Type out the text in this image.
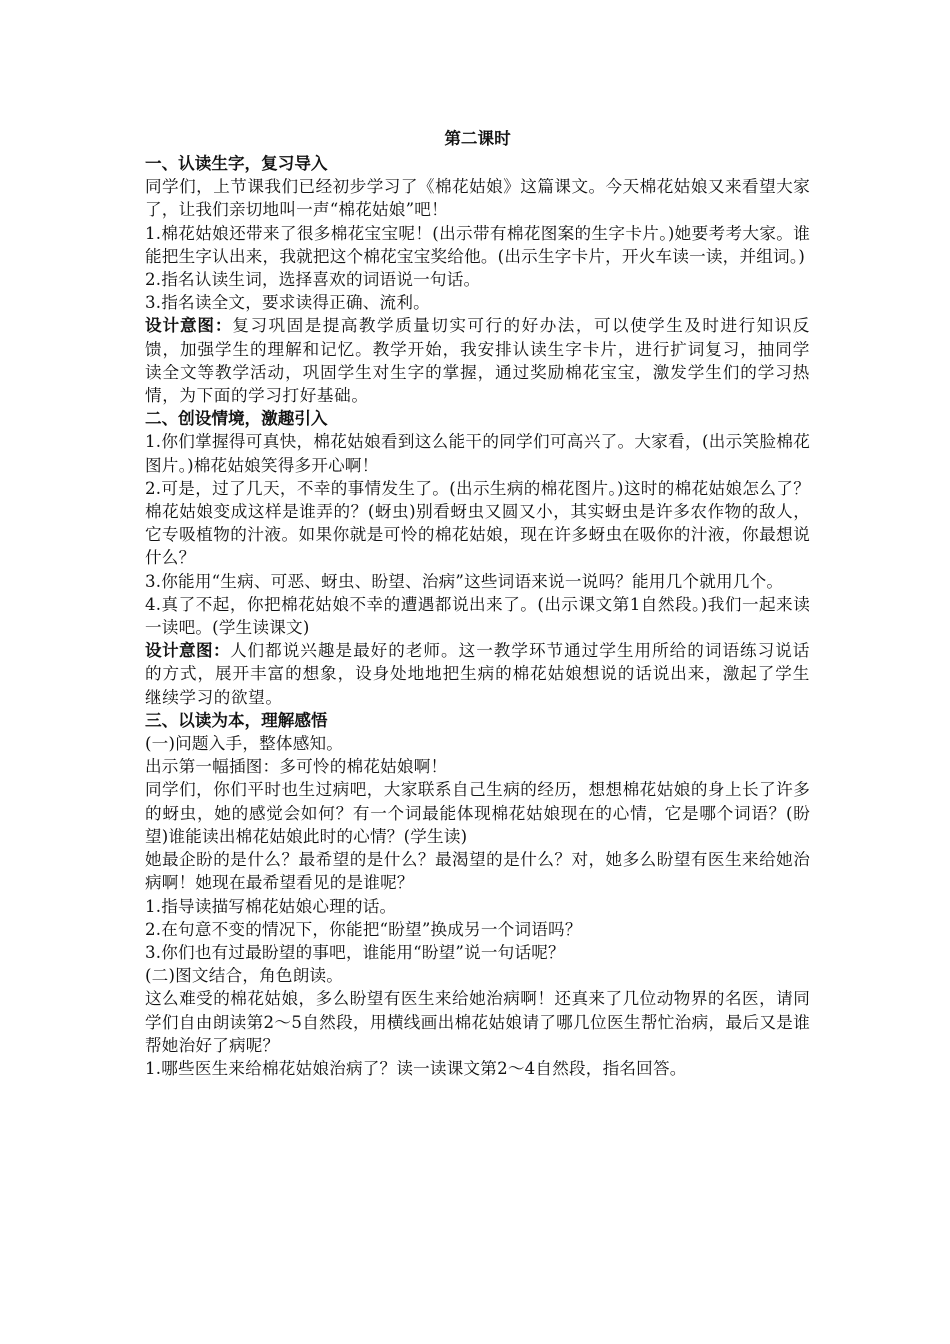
第二课时

一、认读生字，复习导入

同学们，上节课我们已经初步学习了《棉花姑娘》这篇课文。今天棉花姑娘又来看望大家了，让我们亲切地叫一声“棉花姑娘”吧！

1.棉花姑娘还带来了很多棉花宝宝呢！(出示带有棉花图案的生字卡片。)她要考考大家。谁能把生字认出来，我就把这个棉花宝宝奖给他。(出示生字卡片，开火车读一读，并组词。)

2.指名认读生词，选择喜欢的词语说一句话。

3.指名读全文，要求读得正确、流利。

设计意图：复习巩固是提高教学质量切实可行的好办法，可以使学生及时进行知识反馈，加强学生的理解和记忆。教学开始，我安排认读生字卡片，进行扩词复习，抽同学读全文等教学活动，巩固学生对生字的掌握，通过奖励棉花宝宝，激发学生们的学习热情，为下面的学习打好基础。

二、创设情境，激趣引入

1.你们掌握得可真快，棉花姑娘看到这么能干的同学们可高兴了。大家看，(出示笑脸棉花图片。)棉花姑娘笑得多开心啊！

2.可是，过了几天，不幸的事情发生了。(出示生病的棉花图片。)这时的棉花姑娘怎么了？棉花姑娘变成这样是谁弄的？(蚜虫)别看蚜虫又圆又小，其实蚜虫是许多农作物的敌人，它专吸植物的汁液。如果你就是可怜的棉花姑娘，现在许多蚜虫在吸你的汁液，你最想说什么？

3.你能用“生病、可恶、蚜虫、盼望、治病”这些词语来说一说吗？能用几个就用几个。

4.真了不起，你把棉花姑娘不幸的遭遇都说出来了。(出示课文第1自然段。)我们一起来读一读吧。(学生读课文)

设计意图：人们都说兴趣是最好的老师。这一教学环节通过学生用所给的词语练习说话的方式，展开丰富的想象，设身处地地把生病的棉花姑娘想说的话说出来，激起了学生继续学习的欲望。

三、以读为本，理解感悟

(一)问题入手，整体感知。

出示第一幅插图：多可怜的棉花姑娘啊！

同学们，你们平时也生过病吧，大家联系自己生病的经历，想想棉花姑娘的身上长了许多的蚜虫，她的感觉会如何？有一个词最能体现棉花姑娘现在的心情，它是哪个词语？(盼望)谁能读出棉花姑娘此时的心情？(学生读)

她最企盼的是什么？最希望的是什么？最渴望的是什么？对，她多么盼望有医生来给她治病啊！她现在最希望看见的是谁呢？

1.指导读描写棉花姑娘心理的话。

2.在句意不变的情况下，你能把“盼望”换成另一个词语吗？

3.你们也有过最盼望的事吧，谁能用“盼望”说一句话呢？

(二)图文结合，角色朗读。

这么难受的棉花姑娘，多么盼望有医生来给她治病啊！还真来了几位动物界的名医，请同学们自由朗读第2～5自然段，用横线画出棉花姑娘请了哪几位医生帮忙治病，最后又是谁帮她治好了病呢？

1.哪些医生来给棉花姑娘治病了？读一读课文第2～4自然段，指名回答。
